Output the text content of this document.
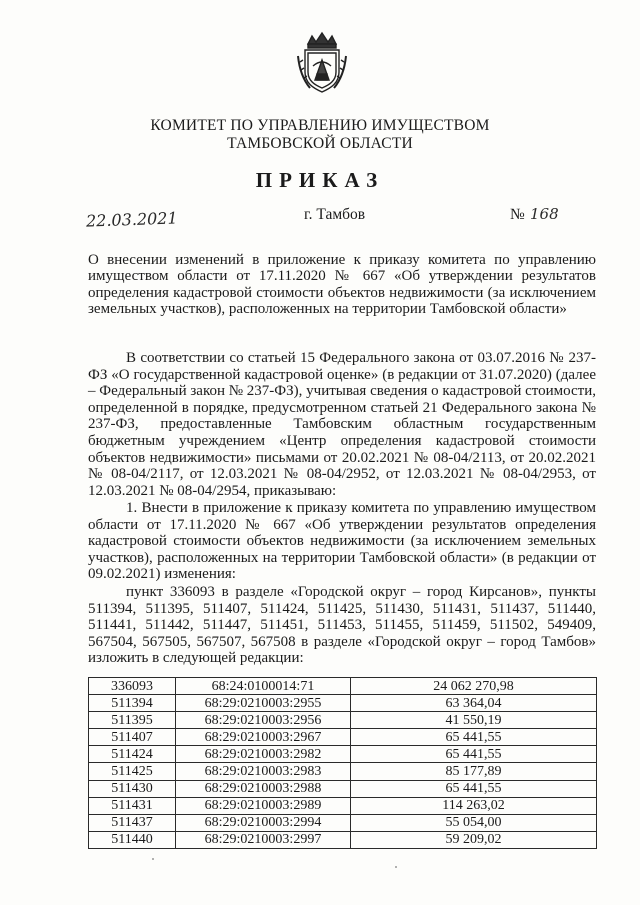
КОМИТЕТ ПО УПРАВЛЕНИЮ ИМУЩЕСТВОМ
ТАМБОВСКОЙ ОБЛАСТИ
ПРИКАЗ
22.03.2021	г. Тамбов	№ 168
О внесении изменений в приложение к приказу комитета по управлению имуществом области от 17.11.2020 № 667 «Об утверждении результатов определения кадастровой стоимости объектов недвижимости (за исключением земельных участков), расположенных на территории Тамбовской области»
В соответствии со статьей 15 Федерального закона от 03.07.2016 № 237-ФЗ «О государственной кадастровой оценке» (в редакции от 31.07.2020) (далее – Федеральный закон № 237-ФЗ), учитывая сведения о кадастровой стоимости, определенной в порядке, предусмотренном статьей 21 Федерального закона № 237-ФЗ, предоставленные Тамбовским областным государственным бюджетным учреждением «Центр определения кадастровой стоимости объектов недвижимости» письмами от 20.02.2021 № 08-04/2113, от 20.02.2021 № 08-04/2117, от 12.03.2021 № 08-04/2952, от 12.03.2021 № 08-04/2953, от 12.03.2021 № 08-04/2954, приказываю:
1. Внести в приложение к приказу комитета по управлению имуществом области от 17.11.2020 № 667 «Об утверждении результатов определения кадастровой стоимости объектов недвижимости (за исключением земельных участков), расположенных на территории Тамбовской области» (в редакции от 09.02.2021) изменения:
пункт 336093 в разделе «Городской округ – город Кирсанов», пункты 511394, 511395, 511407, 511424, 511425, 511430, 511431, 511437, 511440, 511441, 511442, 511447, 511451, 511453, 511455, 511459, 511502, 549409, 567504, 567505, 567507, 567508 в разделе «Городской округ – город Тамбов» изложить в следующей редакции:
336093	68:24:0100014:71	24 062 270,98
511394	68:29:0210003:2955	63 364,04
511395	68:29:0210003:2956	41 550,19
511407	68:29:0210003:2967	65 441,55
511424	68:29:0210003:2982	65 441,55
511425	68:29:0210003:2983	85 177,89
511430	68:29:0210003:2988	65 441,55
511431	68:29:0210003:2989	114 263,02
511437	68:29:0210003:2994	55 054,00
511440	68:29:0210003:2997	59 209,02
